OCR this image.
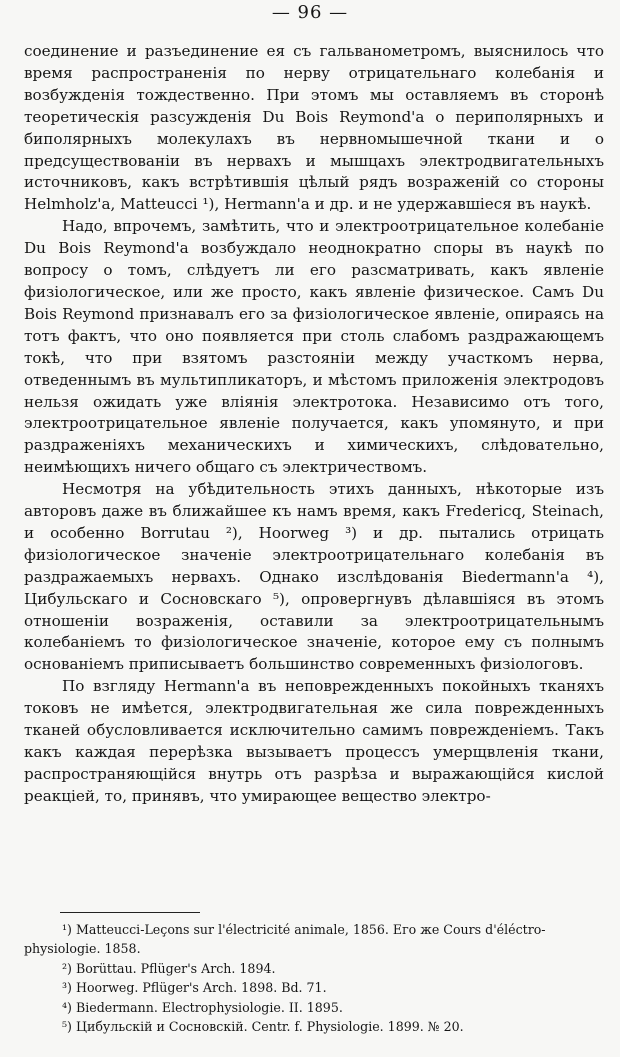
— 96 —

соединение и разъединение ея съ гальванометромъ, выяснилось что время распространенія по нерву отрицательнаго колебанія и возбужденія тождественно. При этомъ мы оставляемъ въ сторонѣ теоретическія разсужденія Du Bois Reymond'а о периполярныхъ и биполярныхъ молекулахъ въ нервномышечной ткани и о предсуществованіи въ нервахъ и мышцахъ электродвигательныхъ источниковъ, какъ встрѣтившія цѣлый рядъ возраженій со стороны Helmholz'а, Matteucci ¹), Hermann'а и др. и не удержавшіеся въ наукѣ.

Надо, впрочемъ, замѣтить, что и электроотрицательное колебаніе Du Bois Reymond'а возбуждало неоднократно споры въ наукѣ по вопросу о томъ, слѣдуетъ ли его разсматривать, какъ явленіе физіологическое, или же просто, какъ явленіе физическое. Самъ Du Bois Reymond признавалъ его за физіологическое явленіе, опираясь на тотъ фактъ, что оно появляется при столь слабомъ раздражающемъ токѣ, что при взятомъ разстояніи между участкомъ нерва, отведеннымъ въ мультипликаторъ, и мѣстомъ приложенія электродовъ нельзя ожидать уже вліянія электротока. Независимо отъ того, электроотрицательное явленіе получается, какъ упомянуто, и при раздраженіяхъ механическихъ и химическихъ, слѣдовательно, неимѣющихъ ничего общаго съ электричествомъ.

Несмотря на убѣдительность этихъ данныхъ, нѣкоторые изъ авторовъ даже въ ближайшее къ намъ время, какъ Fredericq, Steinach, и особенно Borrutau ²), Hoorweg ³) и др. пытались отрицать физіологическое значеніе электроотрицательнаго колебанія въ раздражаемыхъ нервахъ. Однако изслѣдованія Biedermann'а ⁴), Цибульскаго и Сосновскаго ⁵), опровергнувъ дѣлавшіяся въ этомъ отношеніи возраженія, оставили за электроотрицательнымъ колебаніемъ то физіологическое значеніе, которое ему съ полнымъ основаніемъ приписываетъ большинство современныхъ физіологовъ.

По взгляду Hermann'а въ неповрежденныхъ покойныхъ тканяхъ токовъ не имѣется, электродвигательная же сила поврежденныхъ тканей обусловливается исключительно самимъ поврежденіемъ. Такъ какъ каждая перерѣзка вызываетъ процессъ умерщвленія ткани, распространяющійся внутрь отъ разрѣза и выражающійся кислой реакціей, то, принявъ, что умирающее вещество электро-

¹) Matteucci-Leçons sur l'électricité animale, 1856. Его же Cours d'éléctro-

physiologie. 1858.

²) Borüttau. Pflüger's Arch. 1894.

³) Hoorweg. Pflüger's Arch. 1898. Bd. 71.

⁴) Biedermann. Electrophysiologie. II. 1895.

⁵) Цибульскій и Сосновскій. Centr. f. Physiologie. 1899. № 20.
